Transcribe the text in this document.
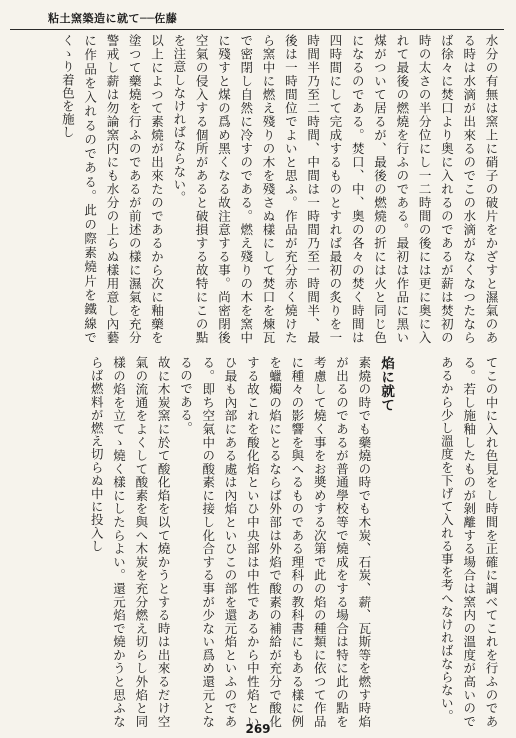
粘土窯築造に就て──佐藤

水分の有無は窯上に硝子の破片をかざすと濕氣のある時は水滴が出來るのでこの水滴がなくなつたならば徐々に焚口より奥に入れるのであるが薪は焚初の時の太さの半分位にし一二時間の後には更に奥に入れて最後の燃燒を行ふのである。最初は作品に黑い煤がついて居るが、最後の燃燒の折には火と同じ色になるのである。焚口、中、奥の各々の焚く時間は四時間にして完成するものとすれば最初の炙りを一時間半乃至二時間、中間は一時間乃至一時間半、最後は一時間位でよいと思ふ。作品が充分赤く燒けたら窯中に燃え殘りの木を殘さぬ樣にして焚口を煉瓦で密閉し自然に冷すのである。燃え殘りの木を窯中に殘すと煤の爲め黑くなる故注意する事。尚密閉後空氣の侵入する個所があると破損する故特にこの點を注意しなければならない。

以上によつて素燒が出來たのであるから次に釉藥を塗つて藥燒を行ふのであるが前述の樣に濕氣を充分警戒し薪は勿論窯内にも水分の上らぬ樣用意し內藝に作品を入れるのである。此の際素燒片を鐵線でくゝり着色を施し

てこの中に入れ色見をし時間を正確に調べてこれを行ふのである。若し施釉したものが剝離する場合は窯内の溫度が高いのであるから少し溫度を下げて入れる事を考へなければならない。

焰に就て

素燒の時でも藥燒の時でも木炭、石炭、薪、瓦斯等を燃す時焰が出るのであるが普通學校等で燒成をする場合は特に此の點を考慮して燒く事をお奬めする次第で此の焰の種類に依つて作品に種々の影響を與へるものである理科の教科書にもある樣に例を蠟燭の焰にとるならば外部は外焰で酸素の補給が充分で酸化する故これを酸化焰といひ中央部は中性であるから中性焰といひ最も內部にある處は內焰といひこの部を還元焰といふのである。即ち空氣中の酸素に接し化合する事が少ない爲め還元となるのである。

故に木炭窯に於て酸化焰を以て燒かうとする時は出來るだけ空氣の流通をよくして酸素を與へ木炭を充分燃え切らし外焰と同樣の焰を立てゝ燒く樣にしたらよい。還元焰で燒かうと思ふならば燃料が燃え切らぬ中に投入し

269
